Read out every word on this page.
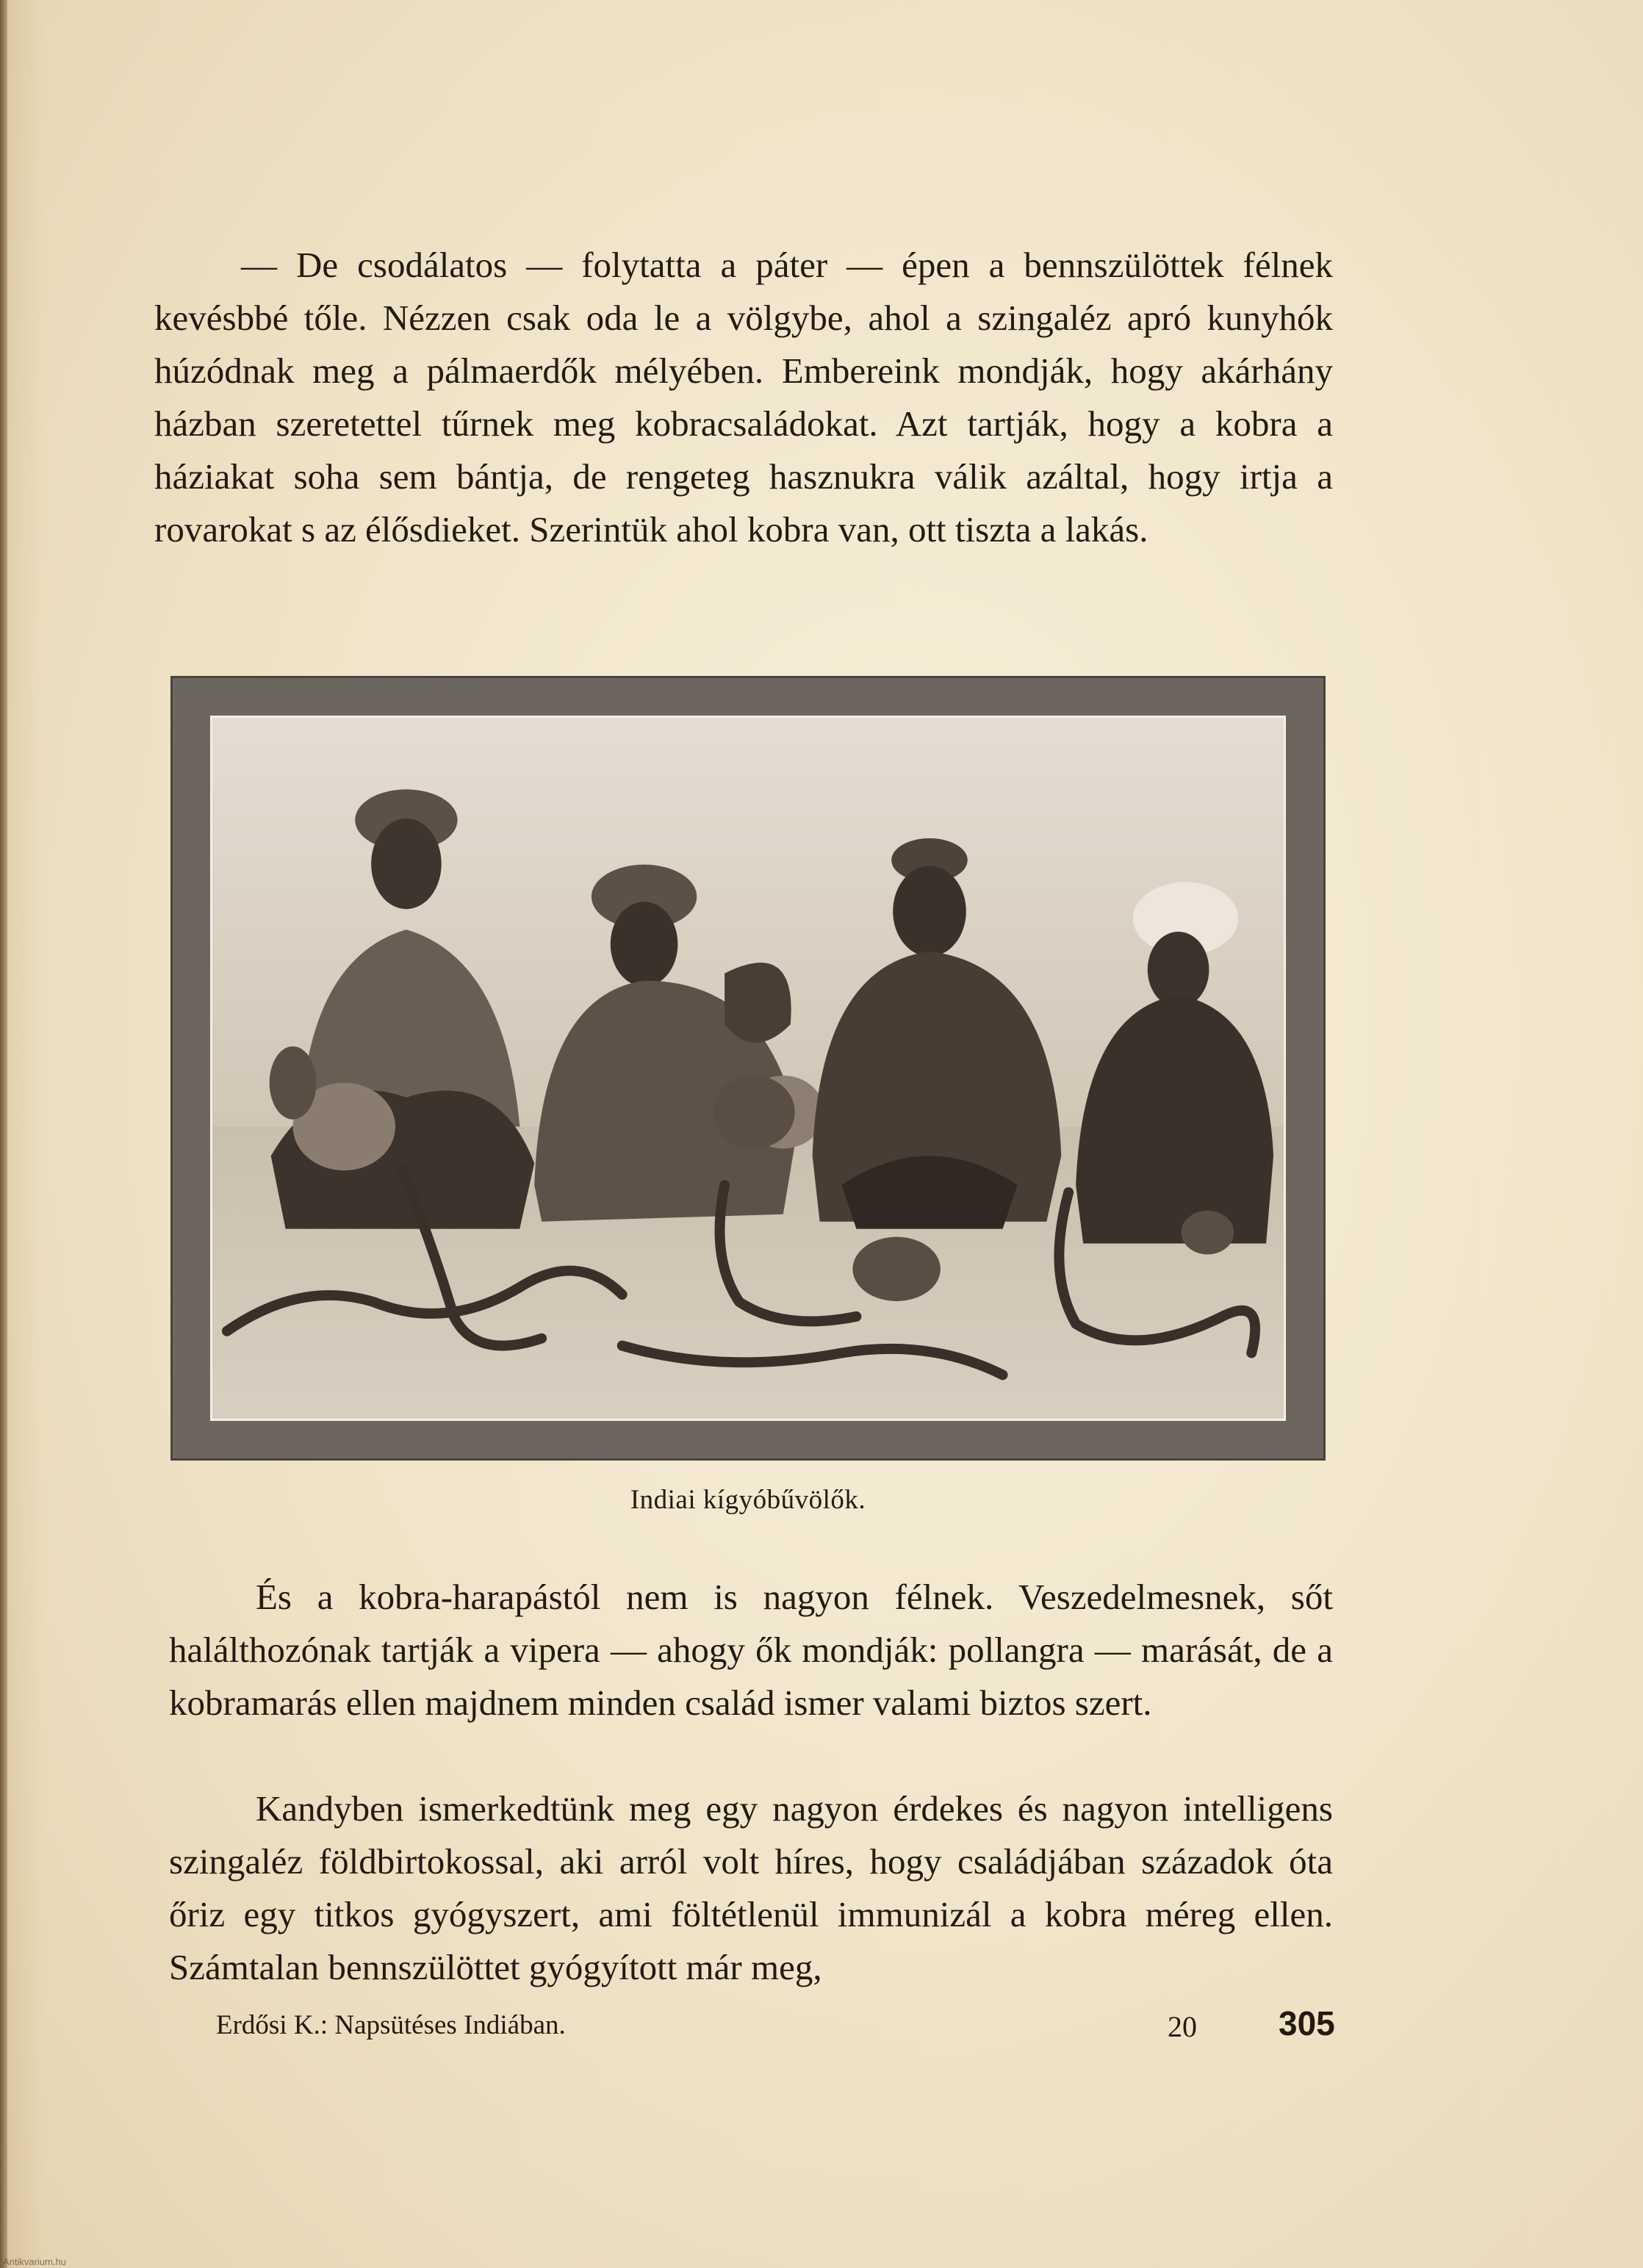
— De csodálatos — folytatta a páter — épen a bennszülöttek félnek kevésbbé tőle. Nézzen csak oda le a völgybe, ahol a szingaléz apró kunyhók húzódnak meg a pálmaerdők mélyében. Embereink mondják, hogy akárhány házban szeretettel tűrnek meg kobracsaládokat. Azt tartják, hogy a kobra a háziakat soha sem bántja, de rengeteg hasznukra válik azáltal, hogy irtja a rovarokat s az élősdieket. Szerintük ahol kobra van, ott tiszta a lakás.

Indiai kígyóbűvölők.

És a kobra-harapástól nem is nagyon félnek. Veszedelmesnek, sőt halálthozónak tartják a vipera — ahogy ők mondják: pollangra — marását, de a kobramarás ellen majdnem minden család ismer valami biztos szert.

Kandyben ismerkedtünk meg egy nagyon érdekes és nagyon intelligens szingaléz földbirtokossal, aki arról volt híres, hogy családjában századok óta őriz egy titkos gyógyszert, ami föltétlenül immunizál a kobra méreg ellen. Számtalan bennszülöttet gyógyított már meg,

Erdősi K.: Napsütéses Indiában.	20 305
Antikvarium.hu
